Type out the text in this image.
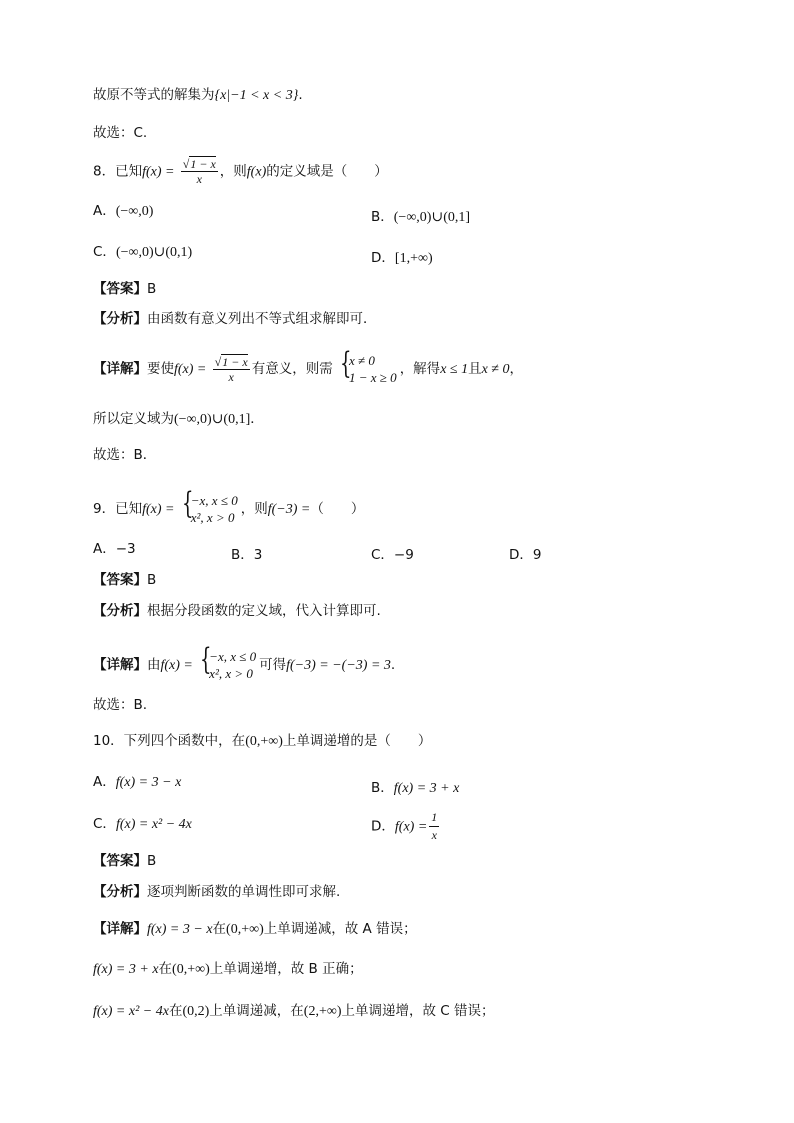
故原不等式的解集为{x|−1 < x < 3}.
故选：C.
8．已知$f(x) = \frac{√1 - x}{x}$ ，则f(x)的定义域是（　　）
A．(−∞,0)	B．(−∞,0)∪(0,1]
C．(−∞,0)∪(0,1)	D．[1,+∞)
【答案】B
【分析】由函数有意义列出不等式组求解即可．
【详解】要使$f(x) = \frac{√1 - x}{x}$ 有意义，则需 {
x ≠ 0
1 − x ≥ 0
，解得x ≤ 1且x ≠ 0，
所以定义域为(−∞,0)∪(0,1]．
故选：B．
9．已知f(x) = {
−x, x ≤ 0
x², x > 0
，则f(−3) =（　　）
A．−3	B．3	C．−9	D．9
【答案】B
【分析】根据分段函数的定义域，代入计算即可.
【详解】由f(x) = {
−x, x ≤ 0
x², x > 0
可得f(−3) = −(−3) = 3.
故选：B.
10．下列四个函数中，在(0,+∞)上单调递增的是（　　）
A．f(x) = 3 − x	B．f(x) = 3 + x
C．f(x) = x² − 4x	D．$f(x) = \frac{1}{x}$
【答案】B
【分析】逐项判断函数的单调性即可求解.
【详解】f(x) = 3 − x在(0,+∞)上单调递减，故 A 错误；
f(x) = 3 + x在(0,+∞)上单调递增，故 B 正确；
f(x) = x² − 4x在(0,2)上单调递减，在(2,+∞)上单调递增，故 C 错误；
